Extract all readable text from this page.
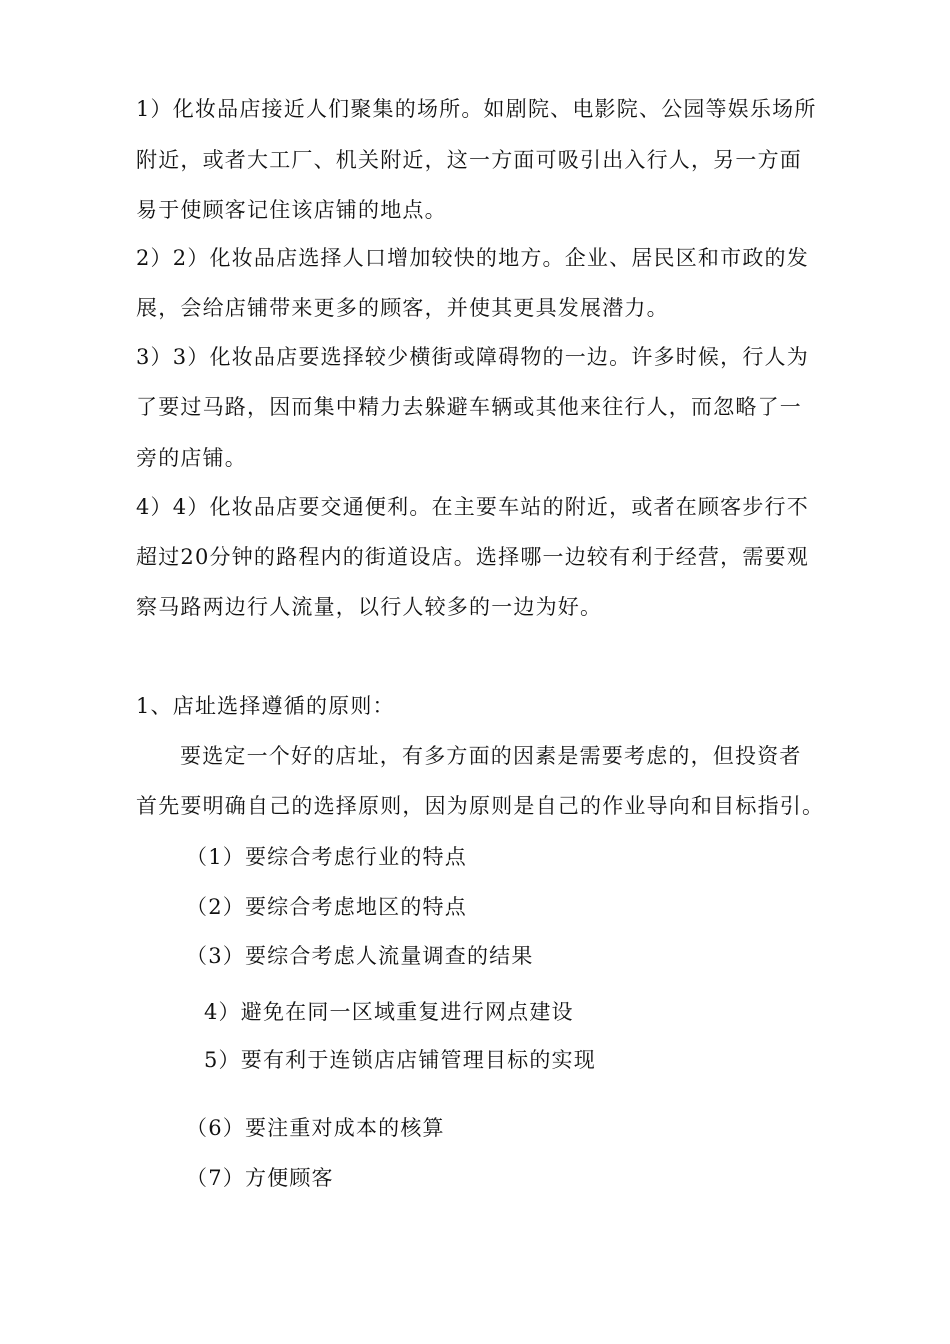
1）化妆品店接近人们聚集的场所。如剧院、电影院、公园等娱乐场所
附近，或者大工厂、机关附近，这一方面可吸引出入行人，另一方面
易于使顾客记住该店铺的地点。
2）2）化妆品店选择人口增加较快的地方。企业、居民区和市政的发
展，会给店铺带来更多的顾客，并使其更具发展潜力。
3）3）化妆品店要选择较少横街或障碍物的一边。许多时候，行人为
了要过马路，因而集中精力去躲避车辆或其他来往行人，而忽略了一
旁的店铺。
4）4）化妆品店要交通便利。在主要车站的附近，或者在顾客步行不
超过20分钟的路程内的街道设店。选择哪一边较有利于经营，需要观
察马路两边行人流量，以行人较多的一边为好。
1、店址选择遵循的原则：
要选定一个好的店址，有多方面的因素是需要考虑的，但投资者
首先要明确自己的选择原则，因为原则是自己的作业导向和目标指引。
（1）要综合考虑行业的特点
（2）要综合考虑地区的特点
（3）要综合考虑人流量调查的结果
4）避免在同一区域重复进行网点建设
5）要有利于连锁店店铺管理目标的实现
（6）要注重对成本的核算
（7）方便顾客
